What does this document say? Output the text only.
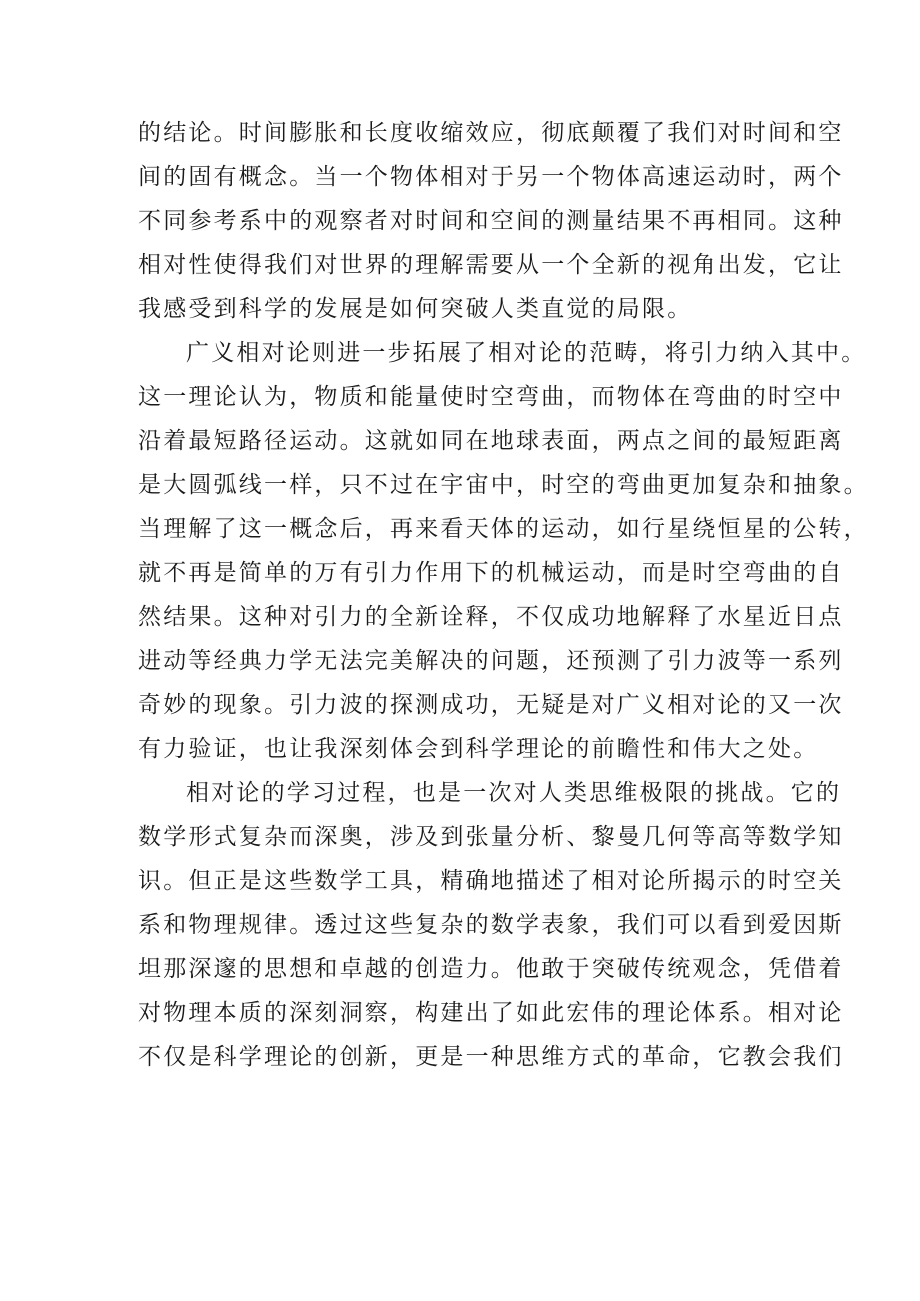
的结论。时间膨胀和长度收缩效应，彻底颠覆了我们对时间和空
间的固有概念。当一个物体相对于另一个物体高速运动时，两个
不同参考系中的观察者对时间和空间的测量结果不再相同。这种
相对性使得我们对世界的理解需要从一个全新的视角出发，它让
我感受到科学的发展是如何突破人类直觉的局限。
广义相对论则进一步拓展了相对论的范畴，将引力纳入其中。
这一理论认为，物质和能量使时空弯曲，而物体在弯曲的时空中
沿着最短路径运动。这就如同在地球表面，两点之间的最短距离
是大圆弧线一样，只不过在宇宙中，时空的弯曲更加复杂和抽象。
当理解了这一概念后，再来看天体的运动，如行星绕恒星的公转，
就不再是简单的万有引力作用下的机械运动，而是时空弯曲的自
然结果。这种对引力的全新诠释，不仅成功地解释了水星近日点
进动等经典力学无法完美解决的问题，还预测了引力波等一系列
奇妙的现象。引力波的探测成功，无疑是对广义相对论的又一次
有力验证，也让我深刻体会到科学理论的前瞻性和伟大之处。
相对论的学习过程，也是一次对人类思维极限的挑战。它的
数学形式复杂而深奥，涉及到张量分析、黎曼几何等高等数学知
识。但正是这些数学工具，精确地描述了相对论所揭示的时空关
系和物理规律。透过这些复杂的数学表象，我们可以看到爱因斯
坦那深邃的思想和卓越的创造力。他敢于突破传统观念，凭借着
对物理本质的深刻洞察，构建出了如此宏伟的理论体系。相对论
不仅是科学理论的创新，更是一种思维方式的革命，它教会我们
